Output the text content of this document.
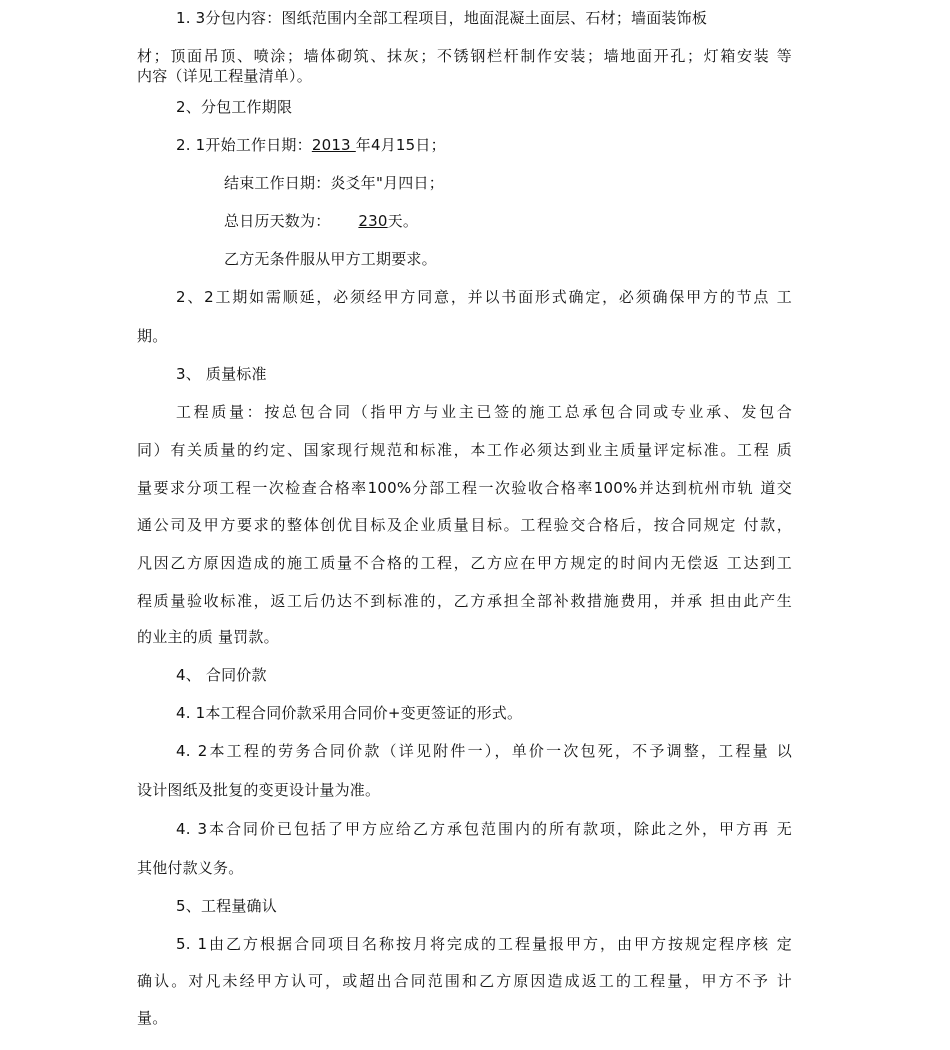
1. 3分包内容：图纸范围内全部工程项目，地面混凝土面层、石材；墙面装饰板
材；顶面吊顶、喷涂；墙体砌筑、抹灰；不锈钢栏杆制作安装；墙地面开孔；灯箱安装 等
内容（详见工程量清单）。
2、分包工作期限
2. 1开始工作日期：2013 年4月15日；
结束工作日期：炎爻年"月四日；
总日历天数为： 230天。
乙方无条件服从甲方工期要求。
2、2工期如需顺延，必须经甲方同意，并以书面形式确定，必须确保甲方的节点 工
期。
3、 质量标准
工程质量：按总包合同（指甲方与业主已签的施工总承包合同或专业承、发包合
同）有关质量的约定、国家现行规范和标准，本工作必须达到业主质量评定标准。工程 质
量要求分项工程一次检查合格率100%分部工程一次验收合格率100%并达到杭州市轨 道交
通公司及甲方要求的整体创优目标及企业质量目标。工程验交合格后，按合同规定 付款，
凡因乙方原因造成的施工质量不合格的工程，乙方应在甲方规定的时间内无偿返 工达到工
程质量验收标准，返工后仍达不到标准的，乙方承担全部补救措施费用，并承 担由此产生
的业主的质 量罚款。
4、 合同价款
4. 1本工程合同价款采用合同价+变更签证的形式。
4. 2本工程的劳务合同价款（详见附件一），单价一次包死，不予调整，工程量 以
设计图纸及批复的变更设计量为准。
4. 3本合同价已包括了甲方应给乙方承包范围内的所有款项，除此之外，甲方再 无
其他付款义务。
5、工程量确认
5. 1由乙方根据合同项目名称按月将完成的工程量报甲方，由甲方按规定程序核 定
确认。对凡未经甲方认可，或超出合同范围和乙方原因造成返工的工程量，甲方不予 计
量。
